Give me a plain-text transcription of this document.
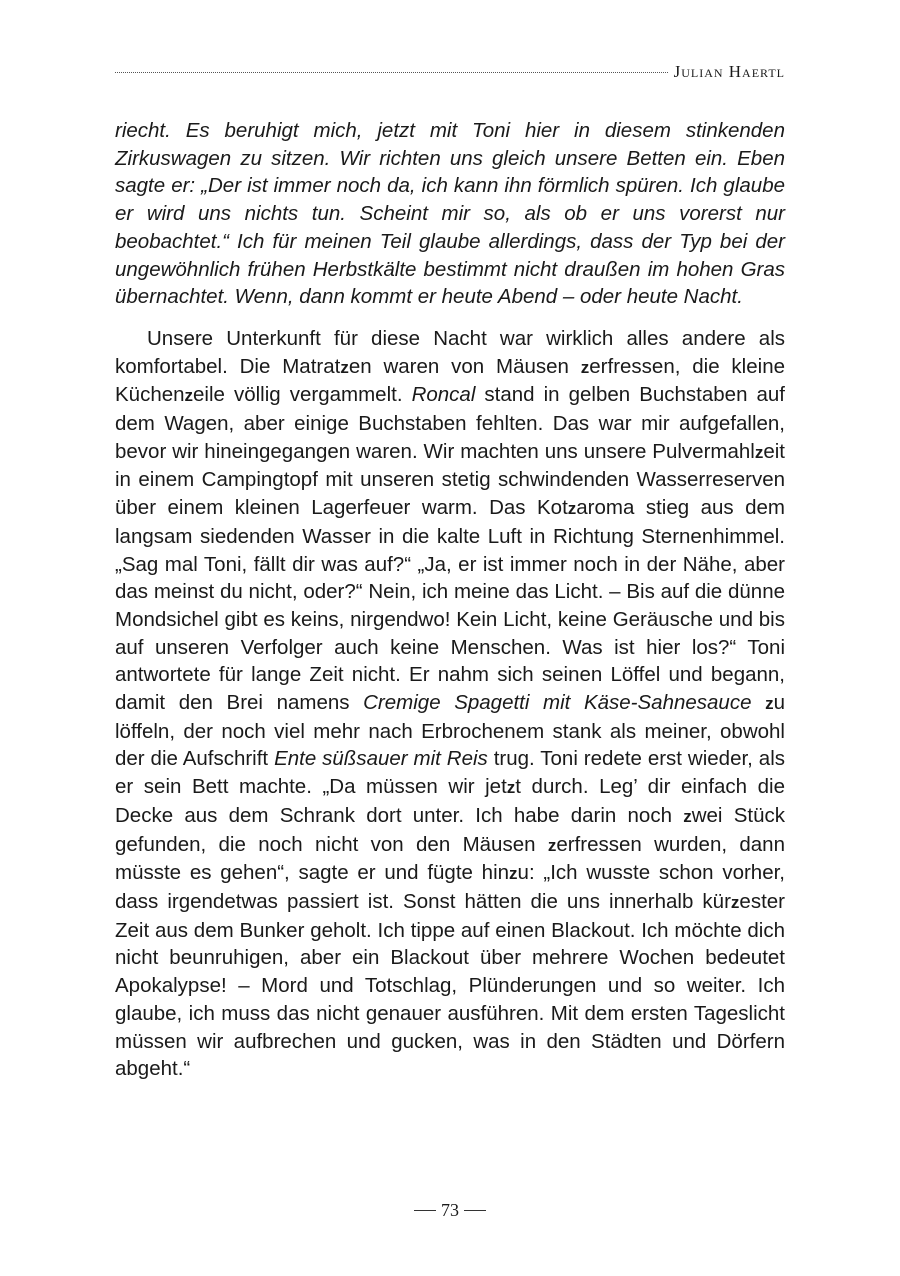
Julian Haertl

riecht. Es beruhigt mich, jetzt mit Toni hier in diesem stinkenden Zirkuswagen zu sitzen. Wir richten uns gleich unsere Betten ein. Eben sagte er: „Der ist immer noch da, ich kann ihn förmlich spüren. Ich glaube er wird uns nichts tun. Scheint mir so, als ob er uns vorerst nur beobachtet.“ Ich für meinen Teil glaube allerdings, dass der Typ bei der ungewöhnlich frühen Herbstkälte bestimmt nicht draußen im hohen Gras übernachtet. Wenn, dann kommt er heute Abend – oder heute Nacht.

Unsere Unterkunft für diese Nacht war wirklich alles andere als komfortabel. Die Matratzen waren von Mäusen zerfressen, die kleine Küchenzeile völlig vergammelt. Roncal stand in gelben Buchstaben auf dem Wagen, aber einige Buchstaben fehlten. Das war mir aufgefallen, bevor wir hineingegangen waren. Wir machten uns unsere Pulvermahlzeit in einem Campingtopf mit unseren stetig schwindenden Wasserreserven über einem kleinen Lagerfeuer warm. Das Kotzaroma stieg aus dem langsam siedenden Wasser in die kalte Luft in Richtung Sternenhimmel. „Sag mal Toni, fällt dir was auf?“ „Ja, er ist immer noch in der Nähe, aber das meinst du nicht, oder?“ Nein, ich meine das Licht. – Bis auf die dünne Mondsichel gibt es keins, nirgendwo! Kein Licht, keine Geräusche und bis auf unseren Verfolger auch keine Menschen. Was ist hier los?“ Toni antwortete für lange Zeit nicht. Er nahm sich seinen Löffel und begann, damit den Brei namens Cremige Spagetti mit Käse-Sahnesauce zu löffeln, der noch viel mehr nach Erbrochenem stank als meiner, obwohl der die Aufschrift Ente süßsauer mit Reis trug. Toni redete erst wieder, als er sein Bett machte. „Da müssen wir jetzt durch. Leg’ dir einfach die Decke aus dem Schrank dort unter. Ich habe darin noch zwei Stück gefunden, die noch nicht von den Mäusen zerfressen wurden, dann müsste es gehen“, sagte er und fügte hinzu: „Ich wusste schon vorher, dass irgendetwas passiert ist. Sonst hätten die uns innerhalb kürzester Zeit aus dem Bunker geholt. Ich tippe auf einen Blackout. Ich möchte dich nicht beunruhigen, aber ein Blackout über mehrere Wochen bedeutet Apokalypse! – Mord und Totschlag, Plünderungen und so weiter. Ich glaube, ich muss das nicht genauer ausführen. Mit dem ersten Tageslicht müssen wir aufbrechen und gucken, was in den Städten und Dörfern abgeht.“

73
